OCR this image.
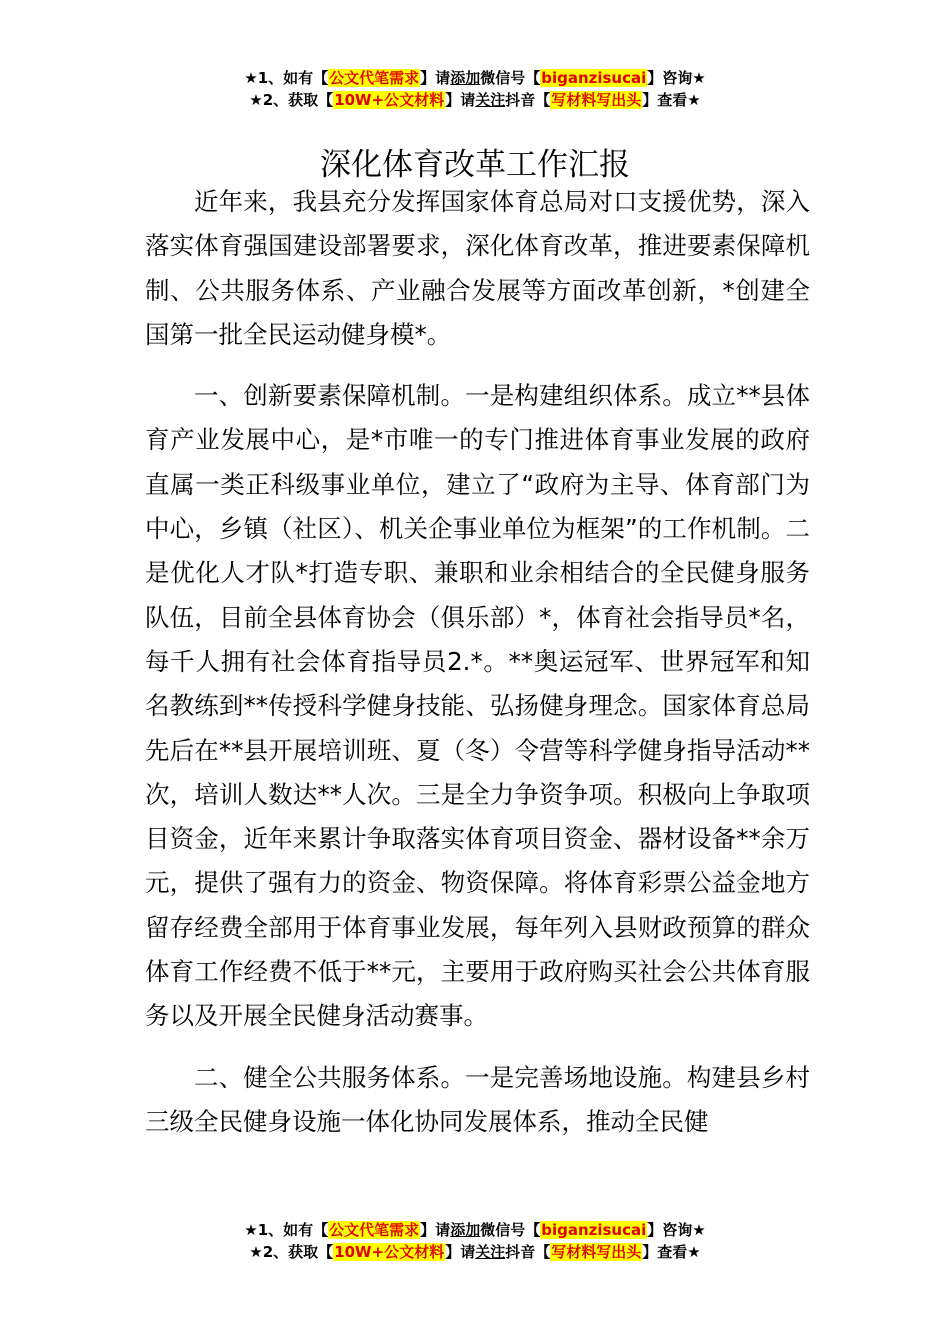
★1、如有【公文代笔需求】请添加微信号【biganzisucai】咨询★
★2、获取【10W+公文材料】请关注抖音【写材料写出头】查看★
深化体育改革工作汇报

近年来，我县充分发挥国家体育总局对口支援优势，深入落实体育强国建设部署要求，深化体育改革，推进要素保障机制、公共服务体系、产业融合发展等方面改革创新，*创建全国第一批全民运动健身模*。

一、创新要素保障机制。一是构建组织体系。成立**县体育产业发展中心，是*市唯一的专门推进体育事业发展的政府直属一类正科级事业单位，建立了“政府为主导、体育部门为中心，乡镇（社区）、机关企事业单位为框架”的工作机制。二是优化人才队*打造专职、兼职和业余相结合的全民健身服务队伍，目前全县体育协会（俱乐部）*，体育社会指导员*名，每千人拥有社会体育指导员2.*。**奥运冠军、世界冠军和知名教练到**传授科学健身技能、弘扬健身理念。国家体育总局先后在**县开展培训班、夏（冬）令营等科学健身指导活动**次，培训人数达**人次。三是全力争资争项。积极向上争取项目资金，近年来累计争取落实体育项目资金、器材设备**余万元，提供了强有力的资金、物资保障。将体育彩票公益金地方留存经费全部用于体育事业发展，每年列入县财政预算的群众体育工作经费不低于**元，主要用于政府购买社会公共体育服务以及开展全民健身活动赛事。

二、健全公共服务体系。一是完善场地设施。构建县乡村三级全民健身设施一体化协同发展体系，推动全民健

★1、如有【公文代笔需求】请添加微信号【biganzisucai】咨询★
★2、获取【10W+公文材料】请关注抖音【写材料写出头】查看★
